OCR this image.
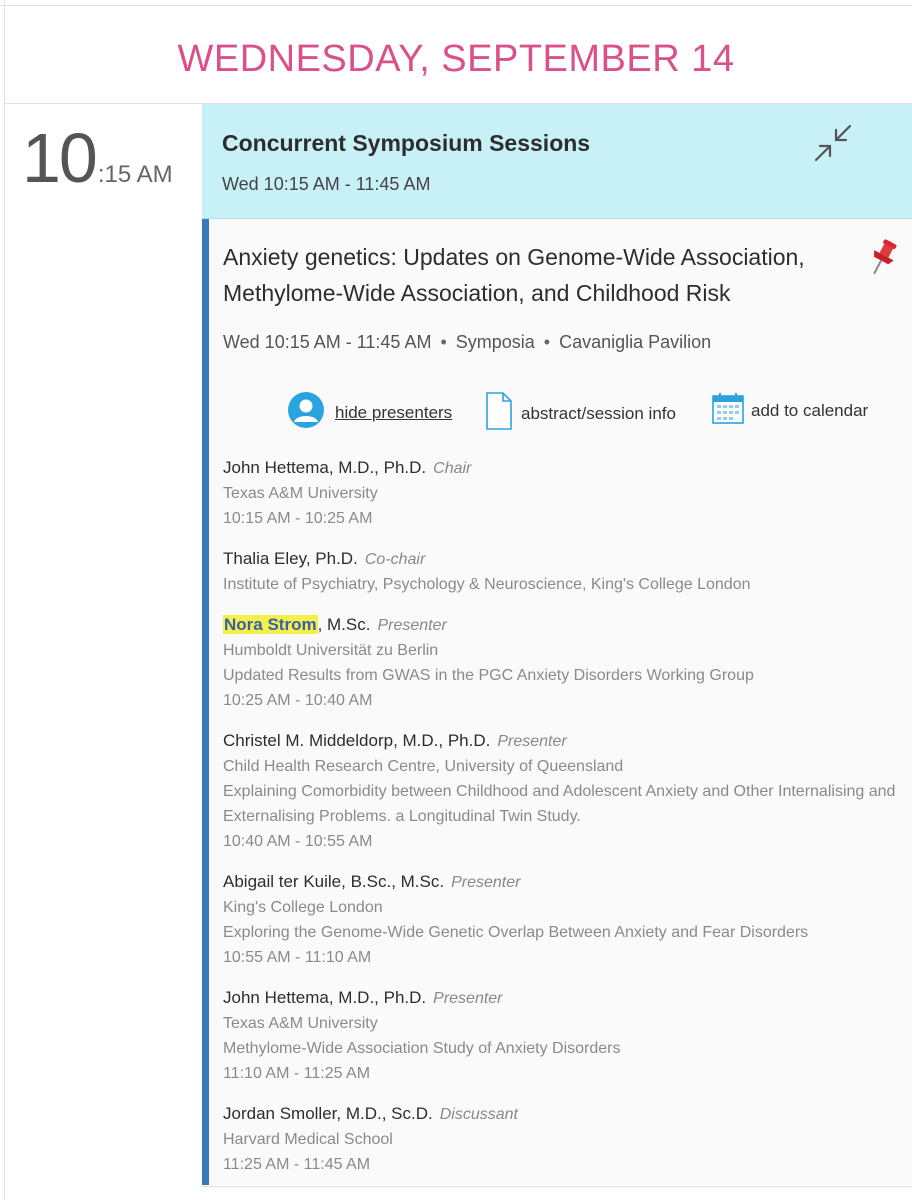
WEDNESDAY, SEPTEMBER 14
10:15 AM
Concurrent Symposium Sessions
Wed 10:15 AM - 11:45 AM
Anxiety genetics: Updates on Genome-Wide Association, Methylome-Wide Association, and Childhood Risk
Wed 10:15 AM - 11:45 AM • Symposia • Cavaniglia Pavilion
hide presenters	abstract/session info	add to calendar
John Hettema, M.D., Ph.D. Chair
Texas A&M University
10:15 AM - 10:25 AM
Thalia Eley, Ph.D. Co-chair
Institute of Psychiatry, Psychology & Neuroscience, King's College London
Nora Strom, M.Sc. Presenter
Humboldt Universität zu Berlin
Updated Results from GWAS in the PGC Anxiety Disorders Working Group
10:25 AM - 10:40 AM
Christel M. Middeldorp, M.D., Ph.D. Presenter
Child Health Research Centre, University of Queensland
Explaining Comorbidity between Childhood and Adolescent Anxiety and Other Internalising and Externalising Problems. a Longitudinal Twin Study.
10:40 AM - 10:55 AM
Abigail ter Kuile, B.Sc., M.Sc. Presenter
King's College London
Exploring the Genome-Wide Genetic Overlap Between Anxiety and Fear Disorders
10:55 AM - 11:10 AM
John Hettema, M.D., Ph.D. Presenter
Texas A&M University
Methylome-Wide Association Study of Anxiety Disorders
11:10 AM - 11:25 AM
Jordan Smoller, M.D., Sc.D. Discussant
Harvard Medical School
11:25 AM - 11:45 AM
